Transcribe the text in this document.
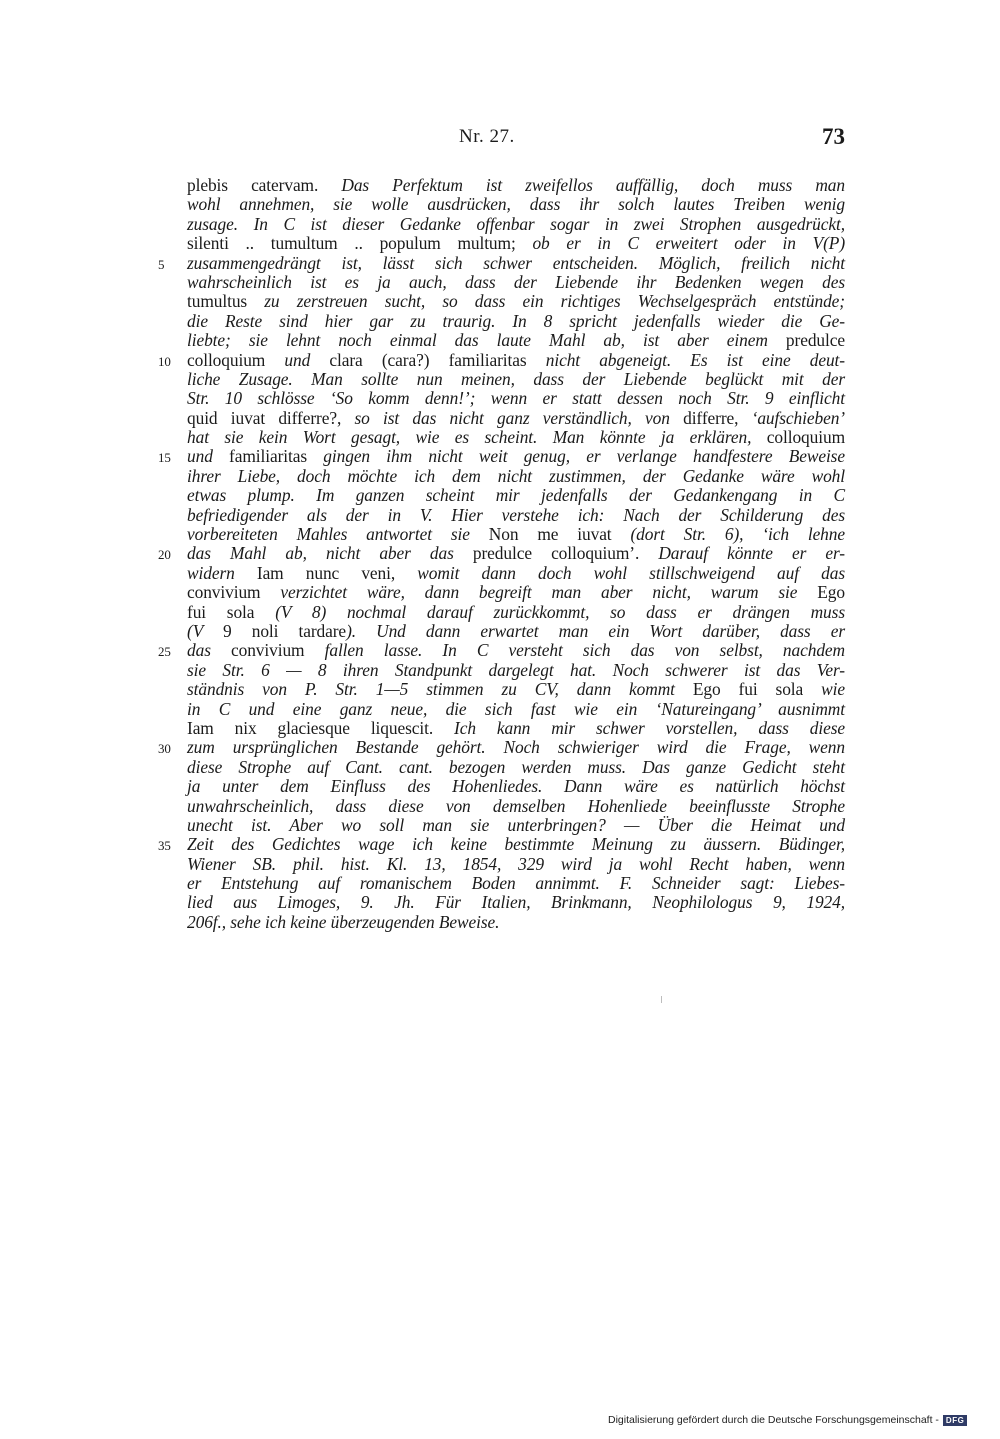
Nr. 27.	73
plebis catervam. Das Perfektum ist zweifellos auffällig, doch muss man
wohl annehmen, sie wolle ausdrücken, dass ihr solch lautes Treiben wenig
zusage. In C ist dieser Gedanke offenbar sogar in zwei Strophen ausgedrückt,
silenti .. tumultum .. populum multum; ob er in C erweitert oder in V(P)
5 zusammengedrängt ist, lässt sich schwer entscheiden. Möglich, freilich nicht
wahrscheinlich ist es ja auch, dass der Liebende ihr Bedenken wegen des
tumultus zu zerstreuen sucht, so dass ein richtiges Wechselgespräch entstünde;
die Reste sind hier gar zu traurig. In 8 spricht jedenfalls wieder die Ge-
liebte; sie lehnt noch einmal das laute Mahl ab, ist aber einem predulce
10 colloquium und clara (cara?) familiaritas nicht abgeneigt. Es ist eine deut-
liche Zusage. Man sollte nun meinen, dass der Liebende beglückt mit der
Str. 10 schlösse ‘So komm denn!’; wenn er statt dessen noch Str. 9 einflicht
quid iuvat differre?, so ist das nicht ganz verständlich, von differre, ‘aufschieben’
hat sie kein Wort gesagt, wie es scheint. Man könnte ja erklären, colloquium
15 und familiaritas gingen ihm nicht weit genug, er verlange handfestere Beweise
ihrer Liebe, doch möchte ich dem nicht zustimmen, der Gedanke wäre wohl
etwas plump. Im ganzen scheint mir jedenfalls der Gedankengang in C
befriedigender als der in V. Hier verstehe ich: Nach der Schilderung des
vorbereiteten Mahles antwortet sie Non me iuvat (dort Str. 6), ‘ich lehne
20 das Mahl ab, nicht aber das predulce colloquium’. Darauf könnte er er-
widern Iam nunc veni, womit dann doch wohl stillschweigend auf das
convivium verzichtet wäre, dann begreift man aber nicht, warum sie Ego
fui sola (V 8) nochmal darauf zurückkommt, so dass er drängen muss
(V 9 noli tardare). Und dann erwartet man ein Wort darüber, dass er
25 das convivium fallen lasse. In C versteht sich das von selbst, nachdem
sie Str. 6 — 8 ihren Standpunkt dargelegt hat. Noch schwerer ist das Ver-
ständnis von P. Str. 1—5 stimmen zu CV, dann kommt Ego fui sola wie
in C und eine ganz neue, die sich fast wie ein ‘Natureingang’ ausnimmt
Iam nix glaciesque liquescit. Ich kann mir schwer vorstellen, dass diese
30 zum ursprünglichen Bestande gehört. Noch schwieriger wird die Frage, wenn
diese Strophe auf Cant. cant. bezogen werden muss. Das ganze Gedicht steht
ja unter dem Einfluss des Hohenliedes. Dann wäre es natürlich höchst
unwahrscheinlich, dass diese von demselben Hohenliede beeinflusste Strophe
unecht ist. Aber wo soll man sie unterbringen? — Über die Heimat und
35 Zeit des Gedichtes wage ich keine bestimmte Meinung zu äussern. Büdinger,
Wiener SB. phil. hist. Kl. 13, 1854, 329 wird ja wohl Recht haben, wenn
er Entstehung auf romanischem Boden annimmt. F. Schneider sagt: Liebes-
lied aus Limoges, 9. Jh. Für Italien, Brinkmann, Neophilologus 9, 1924,
206f., sehe ich keine überzeugenden Beweise.
Digitalisierung gefördert durch die Deutsche Forschungsgemeinschaft - DFG
